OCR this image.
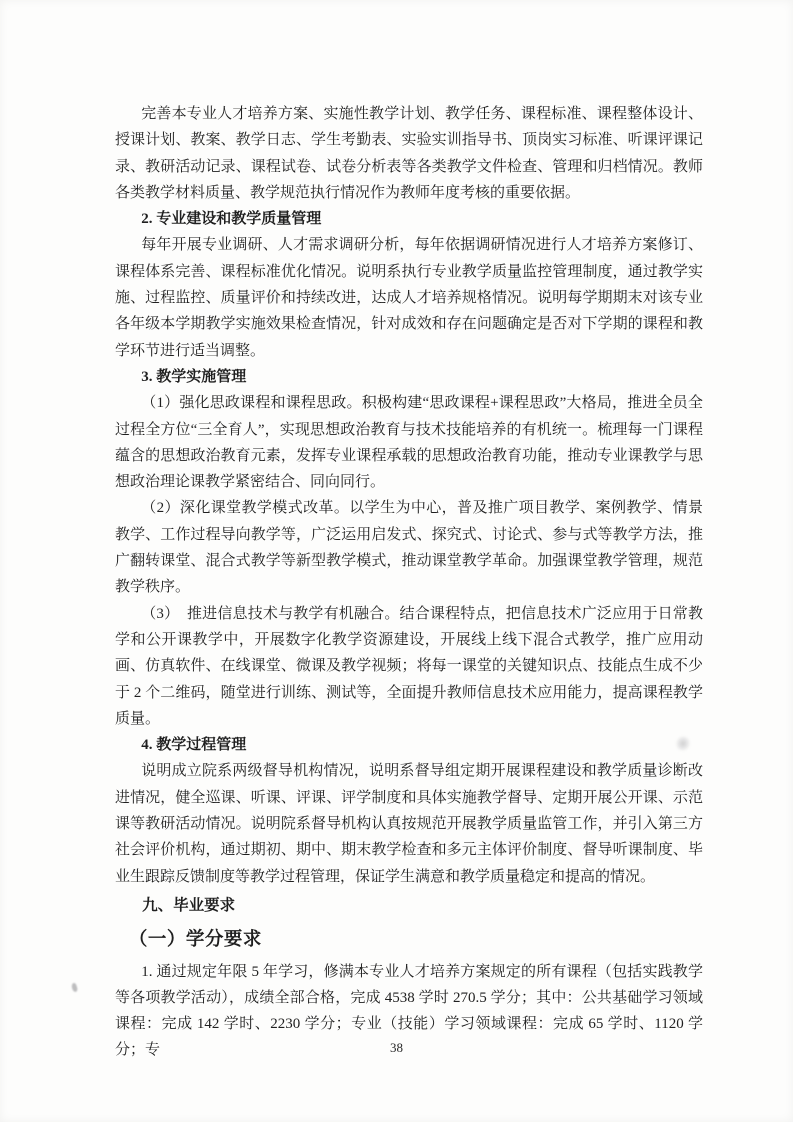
完善本专业人才培养方案、实施性教学计划、教学任务、课程标准、课程整体设计、授课计划、教案、教学日志、学生考勤表、实验实训指导书、顶岗实习标准、听课评课记录、教研活动记录、课程试卷、试卷分析表等各类教学文件检查、管理和归档情况。教师各类教学材料质量、教学规范执行情况作为教师年度考核的重要依据。

2. 专业建设和教学质量管理

每年开展专业调研、人才需求调研分析，每年依据调研情况进行人才培养方案修订、课程体系完善、课程标准优化情况。说明系执行专业教学质量监控管理制度，通过教学实施、过程监控、质量评价和持续改进，达成人才培养规格情况。说明每学期期末对该专业各年级本学期教学实施效果检查情况，针对成效和存在问题确定是否对下学期的课程和教学环节进行适当调整。

3. 教学实施管理

（1）强化思政课程和课程思政。积极构建“思政课程+课程思政”大格局，推进全员全过程全方位“三全育人”，实现思想政治教育与技术技能培养的有机统一。梳理每一门课程蕴含的思想政治教育元素，发挥专业课程承载的思想政治教育功能，推动专业课教学与思想政治理论课教学紧密结合、同向同行。

（2）深化课堂教学模式改革。以学生为中心，普及推广项目教学、案例教学、情景教学、工作过程导向教学等，广泛运用启发式、探究式、讨论式、参与式等教学方法，推广翻转课堂、混合式教学等新型教学模式，推动课堂教学革命。加强课堂教学管理，规范教学秩序。

（3）　推进信息技术与教学有机融合。结合课程特点，把信息技术广泛应用于日常教学和公开课教学中，开展数字化教学资源建设，开展线上线下混合式教学，推广应用动画、仿真软件、在线课堂、微课及教学视频；将每一课堂的关键知识点、技能点生成不少于 2 个二维码，随堂进行训练、测试等，全面提升教师信息技术应用能力，提高课程教学质量。

4. 教学过程管理

说明成立院系两级督导机构情况，说明系督导组定期开展课程建设和教学质量诊断改进情况，健全巡课、听课、评课、评学制度和具体实施教学督导、定期开展公开课、示范课等教研活动情况。说明院系督导机构认真按规范开展教学质量监管工作，并引入第三方社会评价机构，通过期初、期中、期末教学检查和多元主体评价制度、督导听课制度、毕业生跟踪反馈制度等教学过程管理，保证学生满意和教学质量稳定和提高的情况。

九、毕业要求

（一）学分要求

1. 通过规定年限 5 年学习，修满本专业人才培养方案规定的所有课程（包括实践教学等各项教学活动），成绩全部合格，完成 4538 学时 270.5 学分；其中：公共基础学习领域课程：完成 142 学时、2230 学分；专业（技能）学习领域课程：完成 65 学时、1120 学分；专	38
